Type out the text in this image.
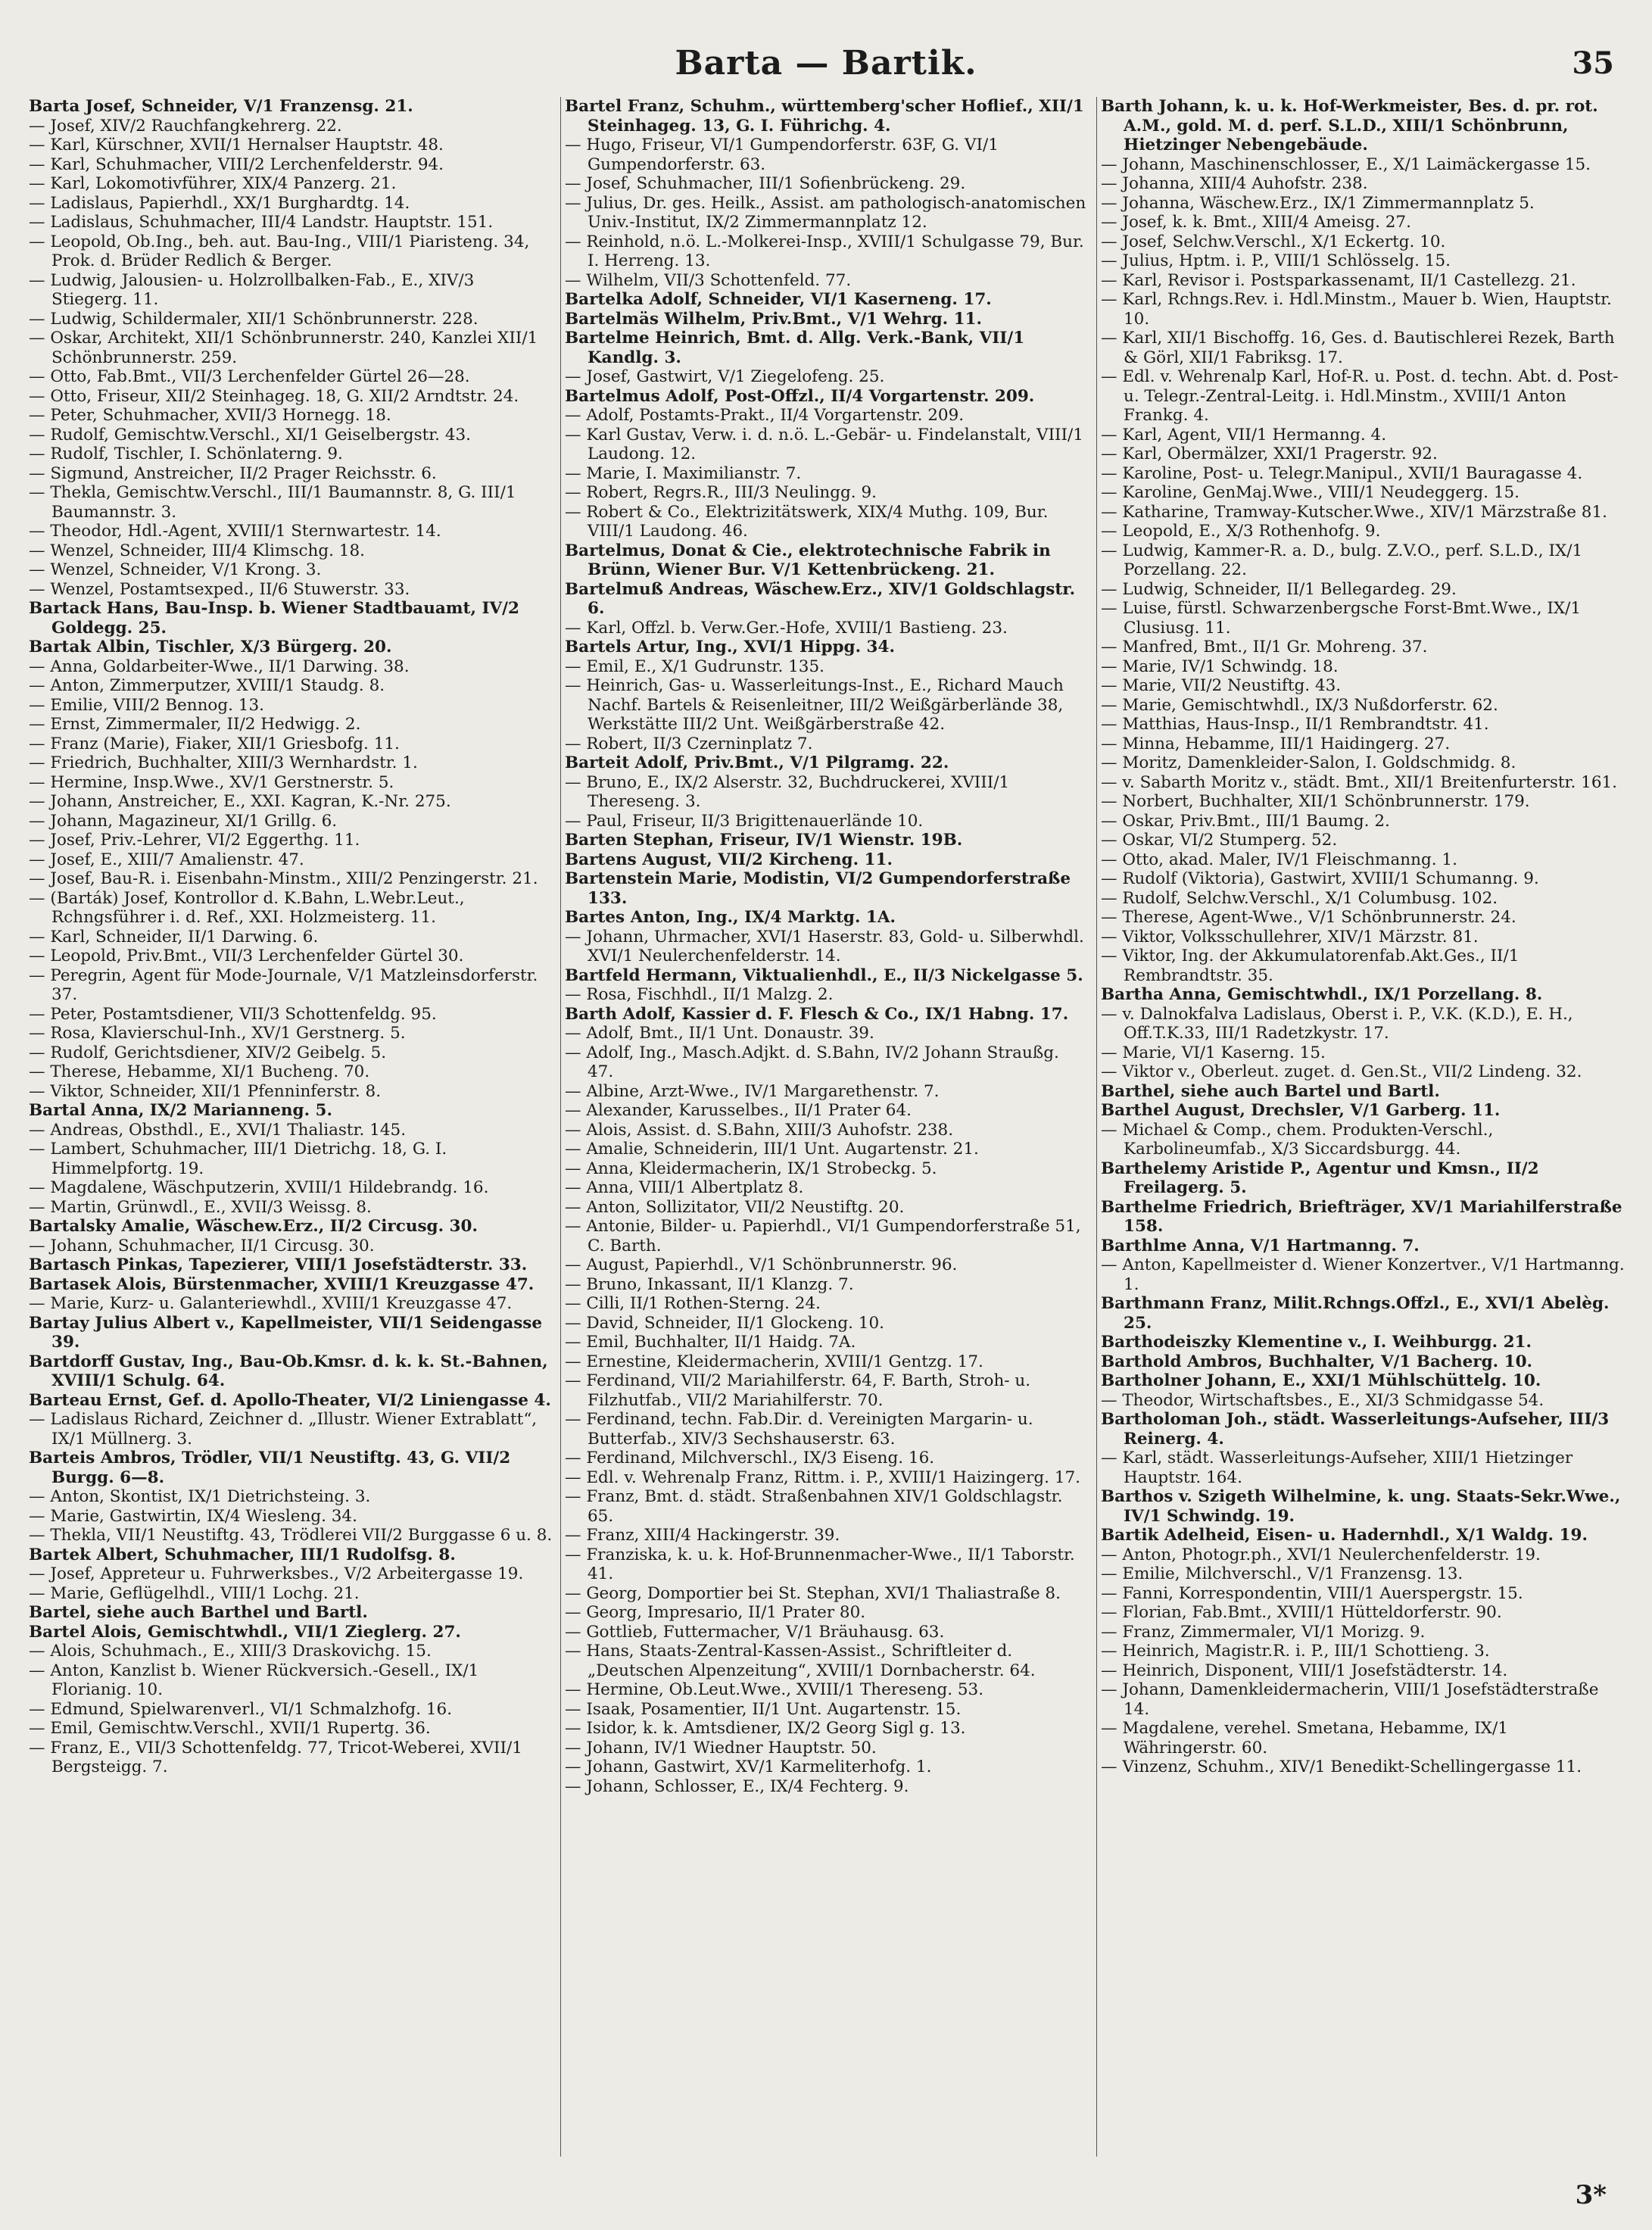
Barta — Bartik.	35
Barta Josef, Schneider, V/1 Franzensg. 21.
— Josef, XIV/2 Rauchfangkehrerg. 22.
— Karl, Kürschner, XVII/1 Hernalser Hauptstr. 48.
— Karl, Schuhmacher, VIII/2 Lerchenfelderstr. 94.
— Karl, Lokomotivführer, XIX/4 Panzerg. 21.
— Ladislaus, Papierhdl., XX/1 Burghardtg. 14.
— Ladislaus, Schuhmacher, III/4 Landstr. Hauptstr. 151.
— Leopold, Ob.Ing., beh. aut. Bau-Ing., VIII/1 Piaristeng. 34, Prok. d. Brüder Redlich & Berger.
— Ludwig, Jalousien- u. Holzrollbalken-Fab., E., XIV/3 Stiegerg. 11.
— Ludwig, Schildermaler, XII/1 Schönbrunnerstr. 228.
— Oskar, Architekt, XII/1 Schönbrunnerstr. 240, Kanzlei XII/1 Schönbrunnerstr. 259.
— Otto, Fab.Bmt., VII/3 Lerchenfelder Gürtel 26—28.
— Otto, Friseur, XII/2 Steinhageg. 18, G. XII/2 Arndtstr. 24.
— Peter, Schuhmacher, XVII/3 Hornegg. 18.
— Rudolf, Gemischtw.Verschl., XI/1 Geiselbergstr. 43.
— Rudolf, Tischler, I. Schönlaterng. 9.
— Sigmund, Anstreicher, II/2 Prager Reichsstr. 6.
— Thekla, Gemischtw.Verschl., III/1 Baumannstr. 8, G. III/1 Baumannstr. 3.
— Theodor, Hdl.-Agent, XVIII/1 Sternwartestr. 14.
— Wenzel, Schneider, III/4 Klimschg. 18.
— Wenzel, Schneider, V/1 Krong. 3.
— Wenzel, Postamtsexped., II/6 Stuwerstr. 33.
Bartack Hans, Bau-Insp. b. Wiener Stadtbauamt, IV/2 Goldegg. 25.
Bartak Albin, Tischler, X/3 Bürgerg. 20.
— Anna, Goldarbeiter-Wwe., II/1 Darwing. 38.
— Anton, Zimmerputzer, XVIII/1 Staudg. 8.
— Emilie, VIII/2 Bennog. 13.
— Ernst, Zimmermaler, II/2 Hedwigg. 2.
— Franz (Marie), Fiaker, XII/1 Griesbofg. 11.
— Friedrich, Buchhalter, XIII/3 Wernhardstr. 1.
— Hermine, Insp.Wwe., XV/1 Gerstnerstr. 5.
— Johann, Anstreicher, E., XXI. Kagran, K.-Nr. 275.
— Johann, Magazineur, XI/1 Grillg. 6.
— Josef, Priv.-Lehrer, VI/2 Eggerthg. 11.
— Josef, E., XIII/7 Amalienstr. 47.
— Josef, Bau-R. i. Eisenbahn-Minstm., XIII/2 Penzingerstr. 21.
— (Barták) Josef, Kontrollor d. K.Bahn, L.Webr.Leut., Rchngsführer i. d. Ref., XXI. Holzmeisterg. 11.
— Karl, Schneider, II/1 Darwing. 6.
— Leopold, Priv.Bmt., VII/3 Lerchenfelder Gürtel 30.
— Peregrin, Agent für Mode-Journale, V/1 Matzleinsdorferstr. 37.
— Peter, Postamtsdiener, VII/3 Schottenfeldg. 95.
— Rosa, Klavierschul-Inh., XV/1 Gerstnerg. 5.
— Rudolf, Gerichtsdiener, XIV/2 Geibelg. 5.
— Therese, Hebamme, XI/1 Bucheng. 70.
— Viktor, Schneider, XII/1 Pfenninferstr. 8.
Bartal Anna, IX/2 Marianneng. 5.
— Andreas, Obsthdl., E., XVI/1 Thaliastr. 145.
— Lambert, Schuhmacher, III/1 Dietrichg. 18, G. I. Himmelpfortg. 19.
— Magdalene, Wäschputzerin, XVIII/1 Hildebrandg. 16.
— Martin, Grünwdl., E., XVII/3 Weissg. 8.
Bartalsky Amalie, Wäschew.Erz., II/2 Circusg. 30.
— Johann, Schuhmacher, II/1 Circusg. 30.
Bartasch Pinkas, Tapezierer, VIII/1 Josefstädterstr. 33.
Bartasek Alois, Bürstenmacher, XVIII/1 Kreuzgasse 47.
— Marie, Kurz- u. Galanteriewhdl., XVIII/1 Kreuzgasse 47.
Bartay Julius Albert v., Kapellmeister, VII/1 Seidengasse 39.
Bartdorff Gustav, Ing., Bau-Ob.Kmsr. d. k. k. St.-Bahnen, XVIII/1 Schulg. 64.
Barteau Ernst, Gef. d. Apollo-Theater, VI/2 Liniengasse 4.
— Ladislaus Richard, Zeichner d. „Illustr. Wiener Extrablatt“, IX/1 Müllnerg. 3.
Barteis Ambros, Trödler, VII/1 Neustiftg. 43, G. VII/2 Burgg. 6—8.
— Anton, Skontist, IX/1 Dietrichsteing. 3.
— Marie, Gastwirtin, IX/4 Wiesleng. 34.
— Thekla, VII/1 Neustiftg. 43, Trödlerei VII/2 Burggasse 6 u. 8.
Bartek Albert, Schuhmacher, III/1 Rudolfsg. 8.
— Josef, Appreteur u. Fuhrwerksbes., V/2 Arbeitergasse 19.
— Marie, Geflügelhdl., VIII/1 Lochg. 21.
Bartel, siehe auch Barthel und Bartl.
Bartel Alois, Gemischtwhdl., VII/1 Zieglerg. 27.
— Alois, Schuhmach., E., XIII/3 Draskovichg. 15.
— Anton, Kanzlist b. Wiener Rückversich.-Gesell., IX/1 Florianig. 10.
— Edmund, Spielwarenverl., VI/1 Schmalzhofg. 16.
— Emil, Gemischtw.Verschl., XVII/1 Rupertg. 36.
— Franz, E., VII/3 Schottenfeldg. 77, Tricot-Weberei, XVII/1 Bergsteigg. 7.
Bartel Franz, Schuhm., württemberg'scher Hoflief., XII/1 Steinhageg. 13, G. I. Führichg. 4.
— Hugo, Friseur, VI/1 Gumpendorferstr. 63F, G. VI/1 Gumpendorferstr. 63.
— Josef, Schuhmacher, III/1 Sofienbrückeng. 29.
— Julius, Dr. ges. Heilk., Assist. am pathologisch-anatomischen Univ.-Institut, IX/2 Zimmermannplatz 12.
— Reinhold, n.ö. L.-Molkerei-Insp., XVIII/1 Schulgasse 79, Bur. I. Herreng. 13.
— Wilhelm, VII/3 Schottenfeld. 77.
Bartelka Adolf, Schneider, VI/1 Kaserneng. 17.
Bartelmäs Wilhelm, Priv.Bmt., V/1 Wehrg. 11.
Bartelme Heinrich, Bmt. d. Allg. Verk.-Bank, VII/1 Kandlg. 3.
— Josef, Gastwirt, V/1 Ziegelofeng. 25.
Bartelmus Adolf, Post-Offzl., II/4 Vorgartenstr. 209.
— Adolf, Postamts-Prakt., II/4 Vorgartenstr. 209.
— Karl Gustav, Verw. i. d. n.ö. L.-Gebär- u. Findelanstalt, VIII/1 Laudong. 12.
— Marie, I. Maximilianstr. 7.
— Robert, Regrs.R., III/3 Neulingg. 9.
— Robert & Co., Elektrizitätswerk, XIX/4 Muthg. 109, Bur. VIII/1 Laudong. 46.
Bartelmus, Donat & Cie., elektrotechnische Fabrik in Brünn, Wiener Bur. V/1 Kettenbrückeng. 21.
Bartelmuß Andreas, Wäschew.Erz., XIV/1 Goldschlagstr. 6.
— Karl, Offzl. b. Verw.Ger.-Hofe, XVIII/1 Bastieng. 23.
Bartels Artur, Ing., XVI/1 Hippg. 34.
— Emil, E., X/1 Gudrunstr. 135.
— Heinrich, Gas- u. Wasserleitungs-Inst., E., Richard Mauch Nachf. Bartels & Reisenleitner, III/2 Weißgärberlände 38, Werkstätte III/2 Unt. Weißgärberstraße 42.
— Robert, II/3 Czerninplatz 7.
Barteit Adolf, Priv.Bmt., V/1 Pilgramg. 22.
— Bruno, E., IX/2 Alserstr. 32, Buchdruckerei, XVIII/1 Thereseng. 3.
— Paul, Friseur, II/3 Brigittenauerlände 10.
Barten Stephan, Friseur, IV/1 Wienstr. 19B.
Bartens August, VII/2 Kircheng. 11.
Bartenstein Marie, Modistin, VI/2 Gumpendorferstraße 133.
Bartes Anton, Ing., IX/4 Marktg. 1A.
— Johann, Uhrmacher, XVI/1 Haserstr. 83, Gold- u. Silberwhdl. XVI/1 Neulerchenfelderstr. 14.
Bartfeld Hermann, Viktualienhdl., E., II/3 Nickelgasse 5.
— Rosa, Fischhdl., II/1 Malzg. 2.
Barth Adolf, Kassier d. F. Flesch & Co., IX/1 Habng. 17.
— Adolf, Bmt., II/1 Unt. Donaustr. 39.
— Adolf, Ing., Masch.Adjkt. d. S.Bahn, IV/2 Johann Straußg. 47.
— Albine, Arzt-Wwe., IV/1 Margarethenstr. 7.
— Alexander, Karusselbes., II/1 Prater 64.
— Alois, Assist. d. S.Bahn, XIII/3 Auhofstr. 238.
— Amalie, Schneiderin, III/1 Unt. Augartenstr. 21.
— Anna, Kleidermacherin, IX/1 Strobeckg. 5.
— Anna, VIII/1 Albertplatz 8.
— Anton, Sollizitator, VII/2 Neustiftg. 20.
— Antonie, Bilder- u. Papierhdl., VI/1 Gumpendorferstraße 51, C. Barth.
— August, Papierhdl., V/1 Schönbrunnerstr. 96.
— Bruno, Inkassant, II/1 Klanzg. 7.
— Cilli, II/1 Rothen-Sterng. 24.
— David, Schneider, II/1 Glockeng. 10.
— Emil, Buchhalter, II/1 Haidg. 7A.
— Ernestine, Kleidermacherin, XVIII/1 Gentzg. 17.
— Ferdinand, VII/2 Mariahilferstr. 64, F. Barth, Stroh- u. Filzhutfab., VII/2 Mariahilferstr. 70.
— Ferdinand, techn. Fab.Dir. d. Vereinigten Margarin- u. Butterfab., XIV/3 Sechshauserstr. 63.
— Ferdinand, Milchverschl., IX/3 Eiseng. 16.
— Edl. v. Wehrenalp Franz, Rittm. i. P., XVIII/1 Haizingerg. 17.
— Franz, Bmt. d. städt. Straßenbahnen XIV/1 Goldschlagstr. 65.
— Franz, XIII/4 Hackingerstr. 39.
— Franziska, k. u. k. Hof-Brunnenmacher-Wwe., II/1 Taborstr. 41.
— Georg, Domportier bei St. Stephan, XVI/1 Thaliastraße 8.
— Georg, Impresario, II/1 Prater 80.
— Gottlieb, Futtermacher, V/1 Bräuhausg. 63.
— Hans, Staats-Zentral-Kassen-Assist., Schriftleiter d. „Deutschen Alpenzeitung“, XVIII/1 Dornbacherstr. 64.
— Hermine, Ob.Leut.Wwe., XVIII/1 Thereseng. 53.
— Isaak, Posamentier, II/1 Unt. Augartenstr. 15.
— Isidor, k. k. Amtsdiener, IX/2 Georg Sigl g. 13.
— Johann, IV/1 Wiedner Hauptstr. 50.
— Johann, Gastwirt, XV/1 Karmeliterhofg. 1.
— Johann, Schlosser, E., IX/4 Fechterg. 9.
Barth Johann, k. u. k. Hof-Werkmeister, Bes. d. pr. rot. A.M., gold. M. d. perf. S.L.D., XIII/1 Schönbrunn, Hietzinger Nebengebäude.
— Johann, Maschinenschlosser, E., X/1 Laimäckergasse 15.
— Johanna, XIII/4 Auhofstr. 238.
— Johanna, Wäschew.Erz., IX/1 Zimmermannplatz 5.
— Josef, k. k. Bmt., XIII/4 Ameisg. 27.
— Josef, Selchw.Verschl., X/1 Eckertg. 10.
— Julius, Hptm. i. P., VIII/1 Schlösselg. 15.
— Karl, Revisor i. Postsparkassenamt, II/1 Castellezg. 21.
— Karl, Rchngs.Rev. i. Hdl.Minstm., Mauer b. Wien, Hauptstr. 10.
— Karl, XII/1 Bischoffg. 16, Ges. d. Bautischlerei Rezek, Barth & Görl, XII/1 Fabriksg. 17.
— Edl. v. Wehrenalp Karl, Hof-R. u. Post. d. techn. Abt. d. Post- u. Telegr.-Zentral-Leitg. i. Hdl.Minstm., XVIII/1 Anton Frankg. 4.
— Karl, Agent, VII/1 Hermanng. 4.
— Karl, Obermälzer, XXI/1 Pragerstr. 92.
— Karoline, Post- u. Telegr.Manipul., XVII/1 Bauragasse 4.
— Karoline, GenMaj.Wwe., VIII/1 Neudeggerg. 15.
— Katharine, Tramway-Kutscher.Wwe., XIV/1 Märzstraße 81.
— Leopold, E., X/3 Rothenhofg. 9.
— Ludwig, Kammer-R. a. D., bulg. Z.V.O., perf. S.L.D., IX/1 Porzellang. 22.
— Ludwig, Schneider, II/1 Bellegardeg. 29.
— Luise, fürstl. Schwarzenbergsche Forst-Bmt.Wwe., IX/1 Clusiusg. 11.
— Manfred, Bmt., II/1 Gr. Mohreng. 37.
— Marie, IV/1 Schwindg. 18.
— Marie, VII/2 Neustiftg. 43.
— Marie, Gemischtwhdl., IX/3 Nußdorferstr. 62.
— Matthias, Haus-Insp., II/1 Rembrandtstr. 41.
— Minna, Hebamme, III/1 Haidingerg. 27.
— Moritz, Damenkleider-Salon, I. Goldschmidg. 8.
— v. Sabarth Moritz v., städt. Bmt., XII/1 Breitenfurterstr. 161.
— Norbert, Buchhalter, XII/1 Schönbrunnerstr. 179.
— Oskar, Priv.Bmt., III/1 Baumg. 2.
— Oskar, VI/2 Stumperg. 52.
— Otto, akad. Maler, IV/1 Fleischmanng. 1.
— Rudolf (Viktoria), Gastwirt, XVIII/1 Schumanng. 9.
— Rudolf, Selchw.Verschl., X/1 Columbusg. 102.
— Therese, Agent-Wwe., V/1 Schönbrunnerstr. 24.
— Viktor, Volksschullehrer, XIV/1 Märzstr. 81.
— Viktor, Ing. der Akkumulatorenfab.Akt.Ges., II/1 Rembrandtstr. 35.
Bartha Anna, Gemischtwhdl., IX/1 Porzellang. 8.
— v. Dalnokfalva Ladislaus, Oberst i. P., V.K. (K.D.), E. H., Off.T.K.33, III/1 Radetzkystr. 17.
— Marie, VI/1 Kaserng. 15.
— Viktor v., Oberleut. zuget. d. Gen.St., VII/2 Lindeng. 32.
Barthel, siehe auch Bartel und Bartl.
Barthel August, Drechsler, V/1 Garberg. 11.
— Michael & Comp., chem. Produkten-Verschl., Karbolineumfab., X/3 Siccardsburgg. 44.
Barthelemy Aristide P., Agentur und Kmsn., II/2 Freilagerg. 5.
Barthelme Friedrich, Briefträger, XV/1 Mariahilferstraße 158.
Barthlme Anna, V/1 Hartmanng. 7.
— Anton, Kapellmeister d. Wiener Konzertver., V/1 Hartmanng. 1.
Barthmann Franz, Milit.Rchngs.Offzl., E., XVI/1 Abelèg. 25.
Barthodeiszky Klementine v., I. Weihburgg. 21.
Barthold Ambros, Buchhalter, V/1 Bacherg. 10.
Bartholner Johann, E., XXI/1 Mühlschüttelg. 10.
— Theodor, Wirtschaftsbes., E., XI/3 Schmidgasse 54.
Bartholoman Joh., städt. Wasserleitungs-Aufseher, III/3 Reinerg. 4.
— Karl, städt. Wasserleitungs-Aufseher, XIII/1 Hietzinger Hauptstr. 164.
Barthos v. Szigeth Wilhelmine, k. ung. Staats-Sekr.Wwe., IV/1 Schwindg. 19.
Bartik Adelheid, Eisen- u. Hadernhdl., X/1 Waldg. 19.
— Anton, Photogr.ph., XVI/1 Neulerchenfelderstr. 19.
— Emilie, Milchverschl., V/1 Franzensg. 13.
— Fanni, Korrespondentin, VIII/1 Auerspergstr. 15.
— Florian, Fab.Bmt., XVIII/1 Hütteldorferstr. 90.
— Franz, Zimmermaler, VI/1 Morizg. 9.
— Heinrich, Magistr.R. i. P., III/1 Schottieng. 3.
— Heinrich, Disponent, VIII/1 Josefstädterstr. 14.
— Johann, Damenkleidermacherin, VIII/1 Josefstädterstraße 14.
— Magdalene, verehel. Smetana, Hebamme, IX/1 Währingerstr. 60.
— Vinzenz, Schuhm., XIV/1 Benedikt-Schellingergasse 11.
3*
